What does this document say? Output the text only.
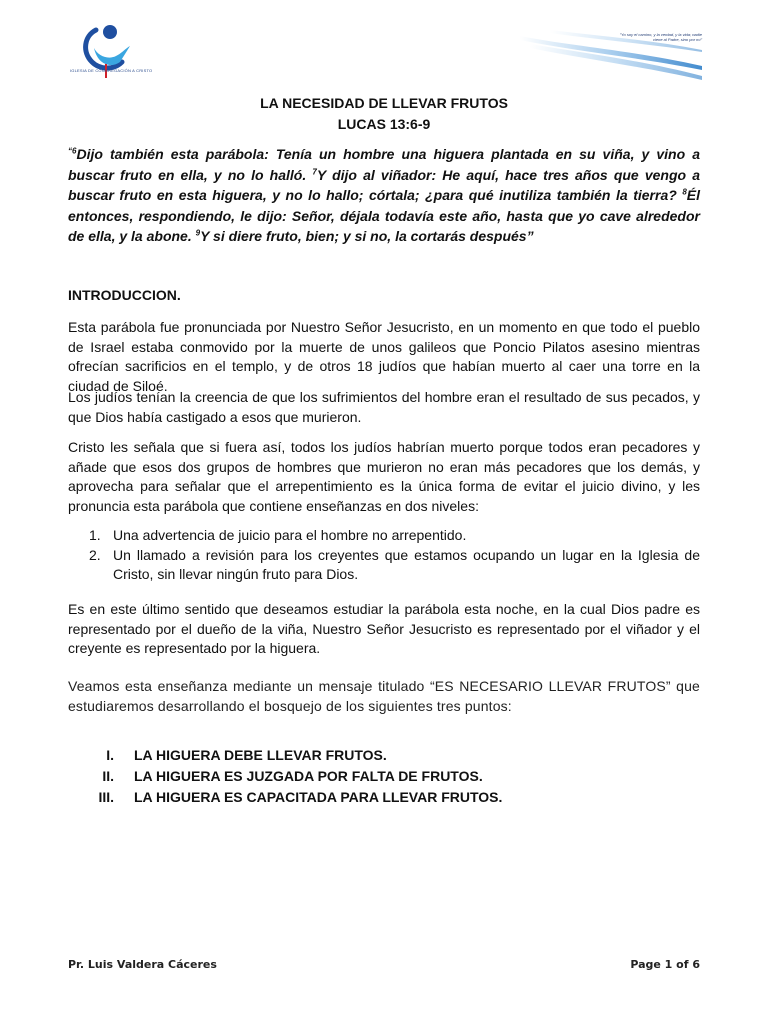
IGLESIA DE CONGREGACIÓN A CRISTO
"Yo soy el camino, y la verdad, y la vida; nadie viene al Padre, sino por mí"
LA NECESIDAD DE LLEVAR FRUTOS
LUCAS 13:6-9
$^{“6}$Dijo también esta parábola: Tenía un hombre una higuera plantada en su viña, y vino a buscar fruto en ella, y no lo halló. $^7$Y dijo al viñador: He aquí, hace tres años que vengo a buscar fruto en esta higuera, y no lo hallo; córtala; ¿para qué inutiliza también la tierra? $^8$Él entonces, respondiendo, le dijo: Señor, déjala todavía este año, hasta que yo cave alrededor de ella, y la abone. $^9$Y si diere fruto, bien; y si no, la cortarás después”
INTRODUCCION.
Esta parábola fue pronunciada por Nuestro Señor Jesucristo, en un momento en que todo el pueblo de Israel estaba conmovido por la muerte de unos galileos que Poncio Pilatos asesino mientras ofrecían sacrificios en el templo, y de otros 18 judíos que habían muerto al caer una torre en la ciudad de Siloé.
Los judíos tenían la creencia de que los sufrimientos del hombre eran el resultado de sus pecados, y que Dios había castigado a esos que murieron.
Cristo les señala que si fuera así, todos los judíos habrían muerto porque todos eran pecadores y añade que esos dos grupos de hombres que murieron no eran más pecadores que los demás, y aprovecha para señalar que el arrepentimiento es la única forma de evitar el juicio divino, y les pronuncia esta parábola que contiene enseñanzas en dos niveles:
1. Una advertencia de juicio para el hombre no arrepentido.
2. Un llamado a revisión para los creyentes que estamos ocupando un lugar en la Iglesia de Cristo, sin llevar ningún fruto para Dios.
Es en este último sentido que deseamos estudiar la parábola esta noche, en la cual Dios padre es representado por el dueño de la viña, Nuestro Señor Jesucristo es representado por el viñador y el creyente es representado por la higuera.
Veamos esta enseñanza mediante un mensaje titulado “ES NECESARIO LLEVAR FRUTOS” que estudiaremos desarrollando el bosquejo de los siguientes tres puntos:
I. LA HIGUERA DEBE LLEVAR FRUTOS.
II. LA HIGUERA ES JUZGADA POR FALTA DE FRUTOS.
III. LA HIGUERA ES CAPACITADA PARA LLEVAR FRUTOS.
Pr. Luis Valdera Cáceres	Page 1 of 6
